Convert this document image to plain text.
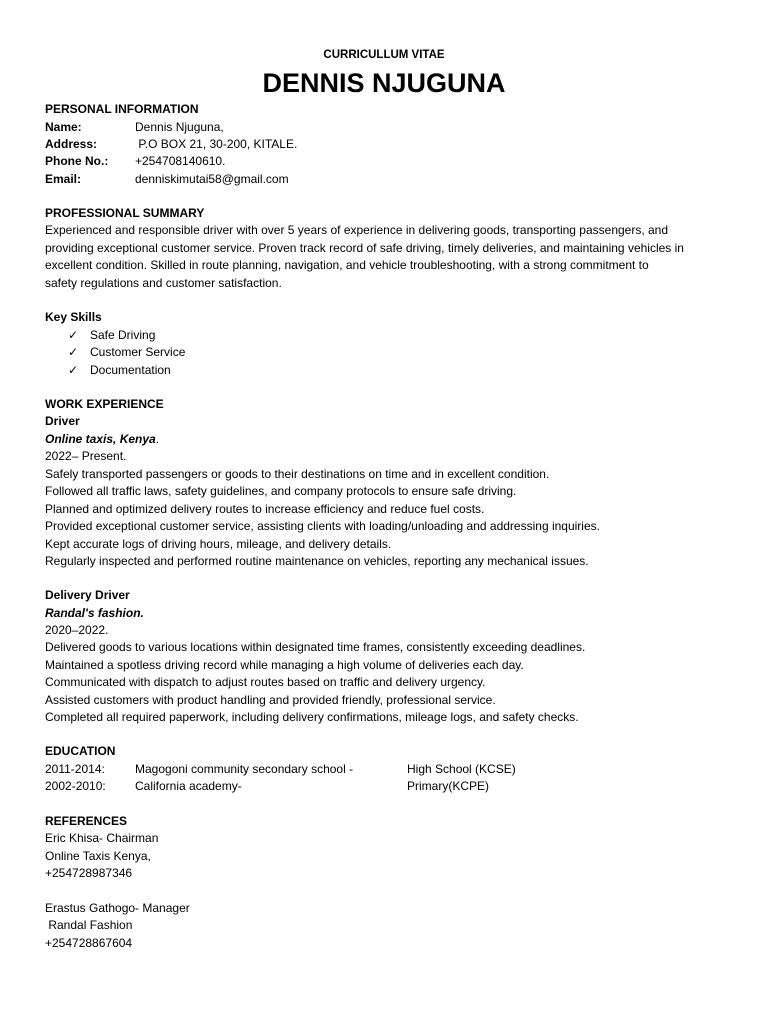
CURRICULLUM VITAE
DENNIS NJUGUNA
PERSONAL INFORMATION
Name:	Dennis Njuguna,
Address:	P.O BOX 21, 30-200, KITALE.
Phone No.: +254708140610.
Email:	denniskimutai58@gmail.com
PROFESSIONAL SUMMARY
Experienced and responsible driver with over 5 years of experience in delivering goods, transporting passengers, and
providing exceptional customer service. Proven track record of safe driving, timely deliveries, and maintaining vehicles in
excellent condition. Skilled in route planning, navigation, and vehicle troubleshooting, with a strong commitment to
safety regulations and customer satisfaction.
Key Skills
✓ Safe Driving
✓ Customer Service
✓ Documentation
WORK EXPERIENCE
Driver
Online taxis, Kenya.
2022– Present.
Safely transported passengers or goods to their destinations on time and in excellent condition.
Followed all traffic laws, safety guidelines, and company protocols to ensure safe driving.
Planned and optimized delivery routes to increase efficiency and reduce fuel costs.
Provided exceptional customer service, assisting clients with loading/unloading and addressing inquiries.
Kept accurate logs of driving hours, mileage, and delivery details.
Regularly inspected and performed routine maintenance on vehicles, reporting any mechanical issues.
Delivery Driver
Randal's fashion.
2020–2022.
Delivered goods to various locations within designated time frames, consistently exceeding deadlines.
Maintained a spotless driving record while managing a high volume of deliveries each day.
Communicated with dispatch to adjust routes based on traffic and delivery urgency.
Assisted customers with product handling and provided friendly, professional service.
Completed all required paperwork, including delivery confirmations, mileage logs, and safety checks.
EDUCATION
2011-2014:	Magogoni community secondary school -	High School (KCSE)
2002-2010: California academy-	Primary(KCPE)
REFERENCES
Eric Khisa- Chairman
Online Taxis Kenya,
+254728987346
Erastus Gathogo- Manager
Randal Fashion
+254728867604
